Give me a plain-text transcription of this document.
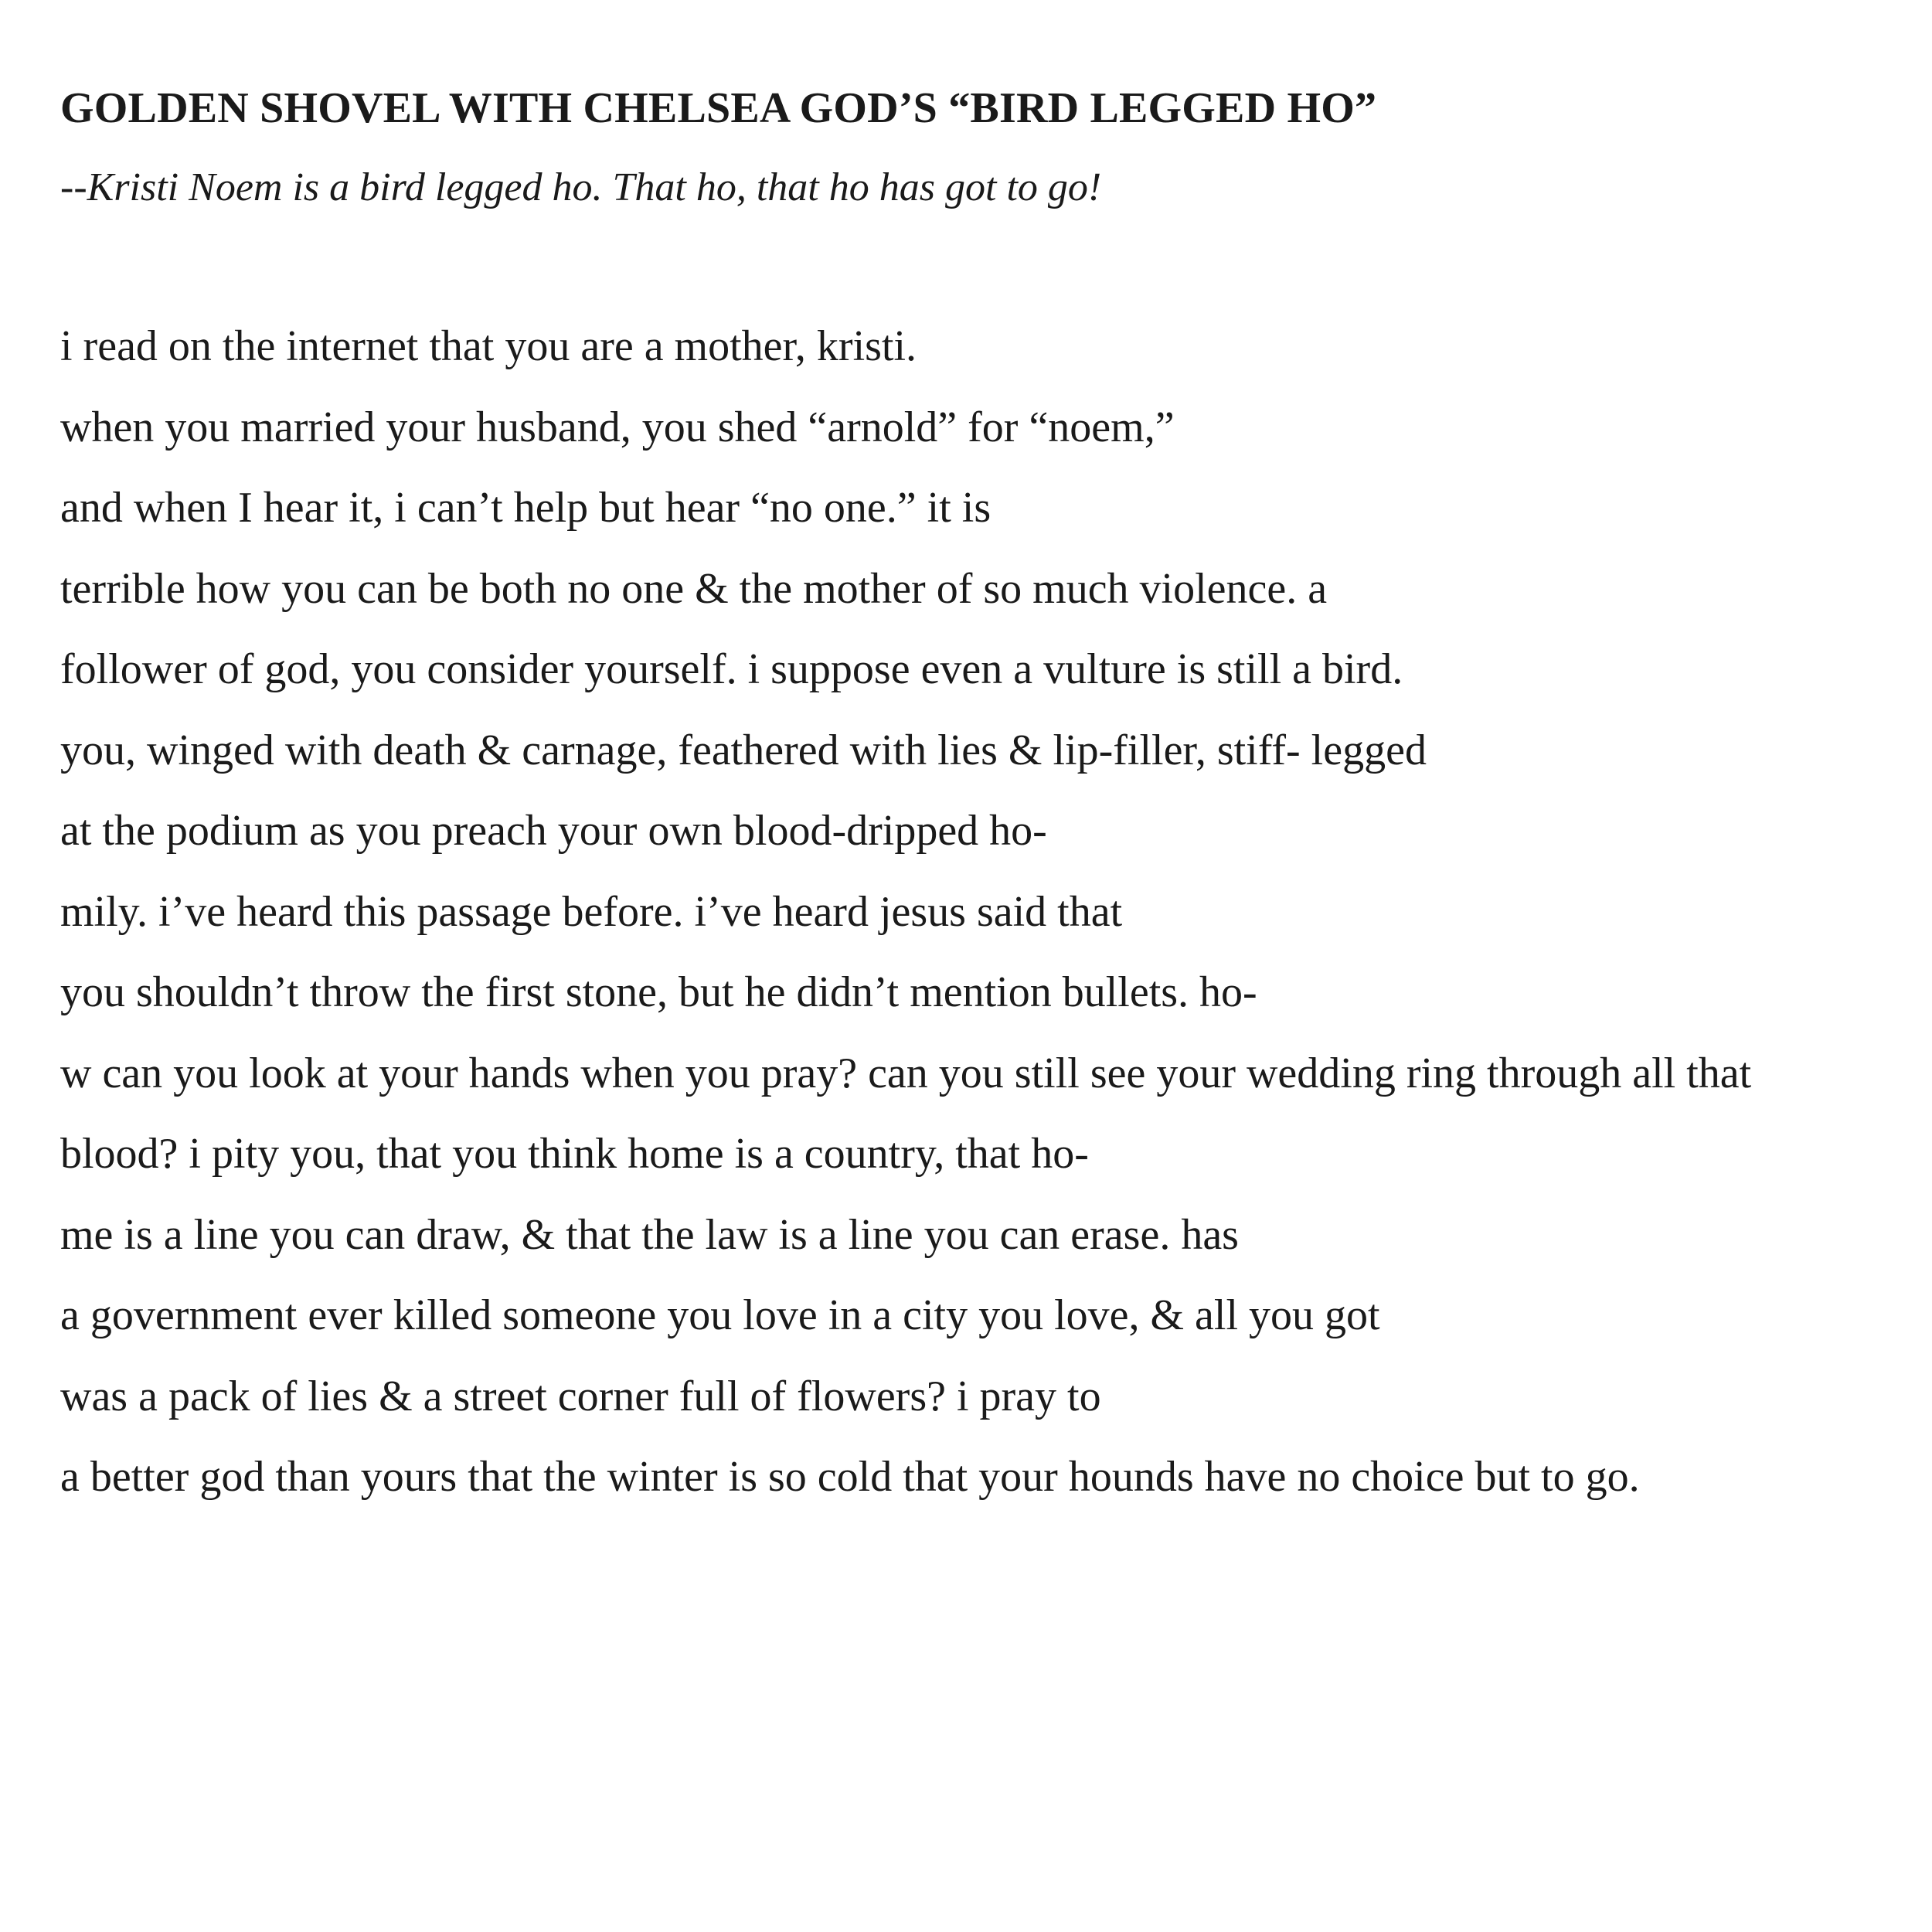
GOLDEN SHOVEL WITH CHELSEA GOD’S “BIRD LEGGED HO”

--Kristi Noem is a bird legged ho. That ho, that ho has got to go!

i read on the internet that you are a mother, kristi.

when you married your husband, you shed “arnold” for “noem,”

and when I hear it, i can’t help but hear “no one.” it is

terrible how you can be both no one & the mother of so much violence. a

follower of god, you consider yourself. i suppose even a vulture is still a bird.

you, winged with death & carnage, feathered with lies & lip-filler, stiff- legged

at the podium as you preach your own blood-dripped ho-

mily. i’ve heard this passage before. i’ve heard jesus said that

you shouldn’t throw the first stone, but he didn’t mention bullets. ho-

w can you look at your hands when you pray? can you still see your wedding ring through all that

blood? i pity you, that you think home is a country, that ho-

me is a line you can draw, & that the law is a line you can erase. has

a government ever killed someone you love in a city you love, & all you got

was a pack of lies & a street corner full of flowers? i pray to

a better god than yours that the winter is so cold that your hounds have no choice but to go.
